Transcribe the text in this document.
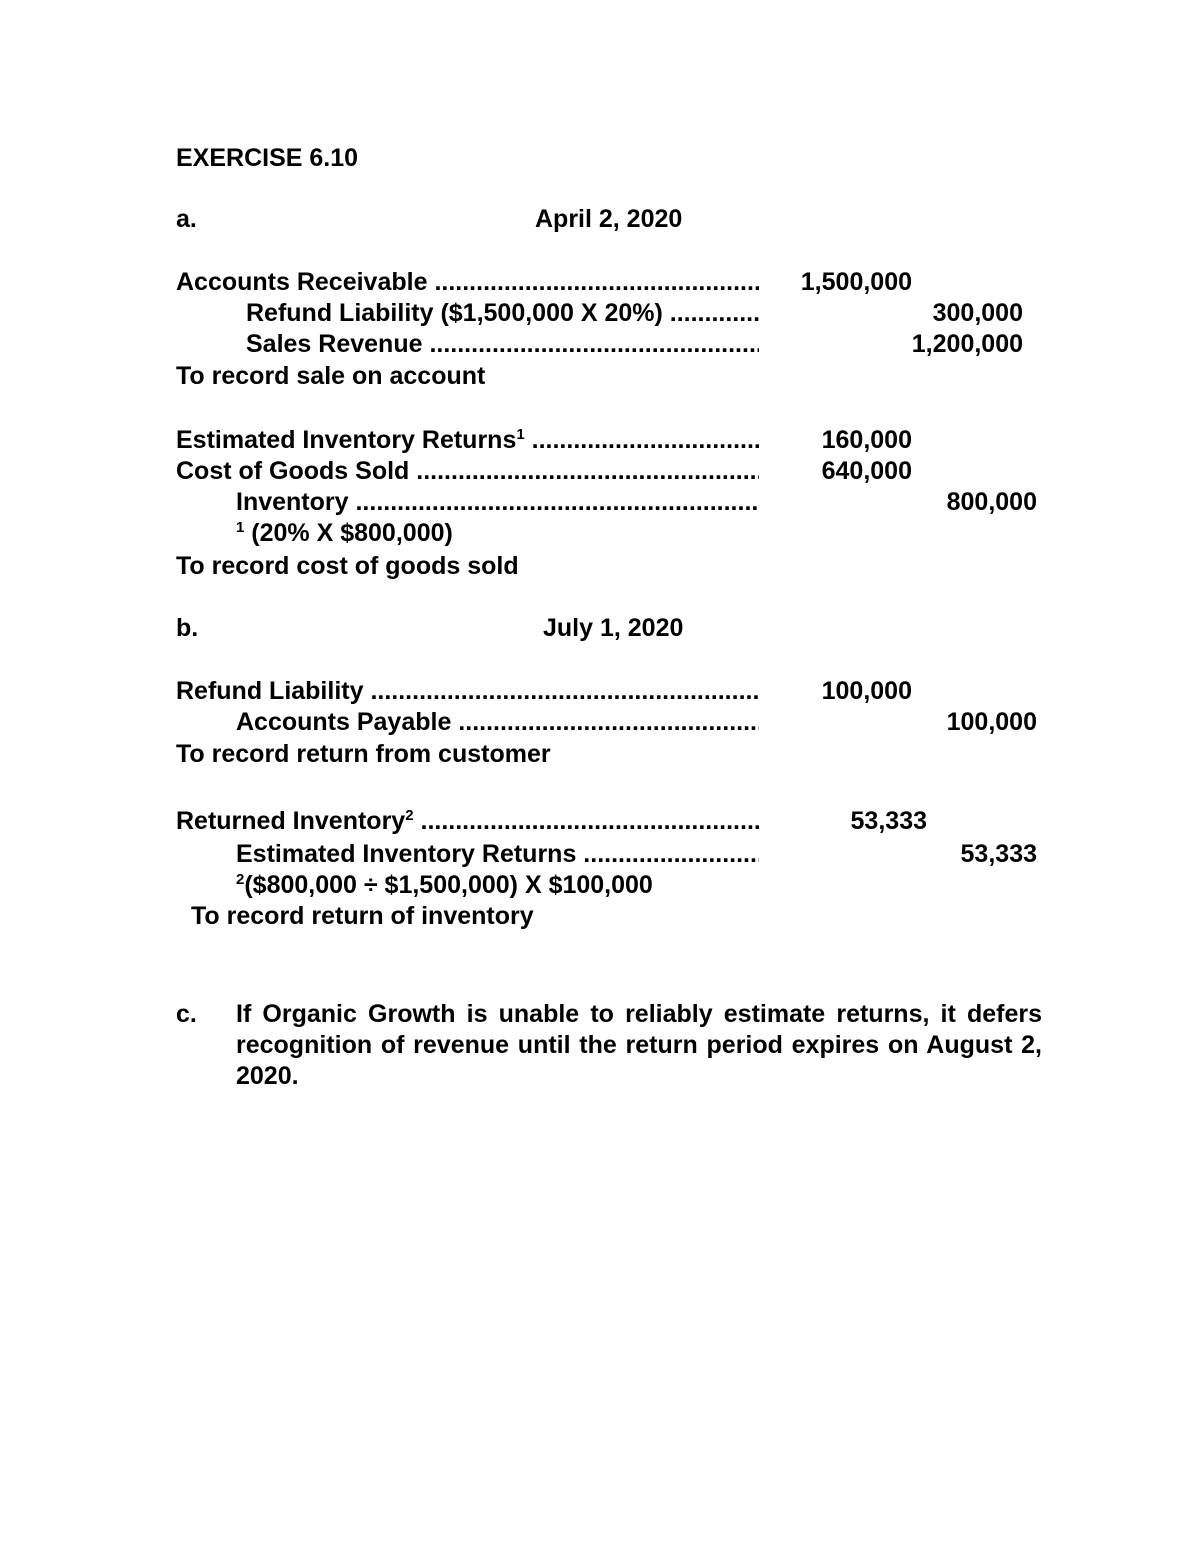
EXERCISE 6.10
a.	April 2, 2020
Accounts Receivable .....	1,500,000
Refund Liability ($1,500,000 X 20%) .....	300,000
Sales Revenue .....	1,200,000
To record sale on account
Estimated Inventory Returns$^1$ .....	160,000
Cost of Goods Sold .....	640,000
Inventory .....	800,000
$^1$ (20% X $800,000)
To record cost of goods sold
b.	July 1, 2020
Refund Liability .....	100,000
Accounts Payable .....	100,000
To record return from customer
Returned Inventory$^2$ .....	53,333
Estimated Inventory Returns .....	53,333
$^2$($800,000 ÷ $1,500,000) X $100,000
To record return of inventory
c. If Organic Growth is unable to reliably estimate returns, it defers recognition of revenue until the return period expires on August 2, 2020.
